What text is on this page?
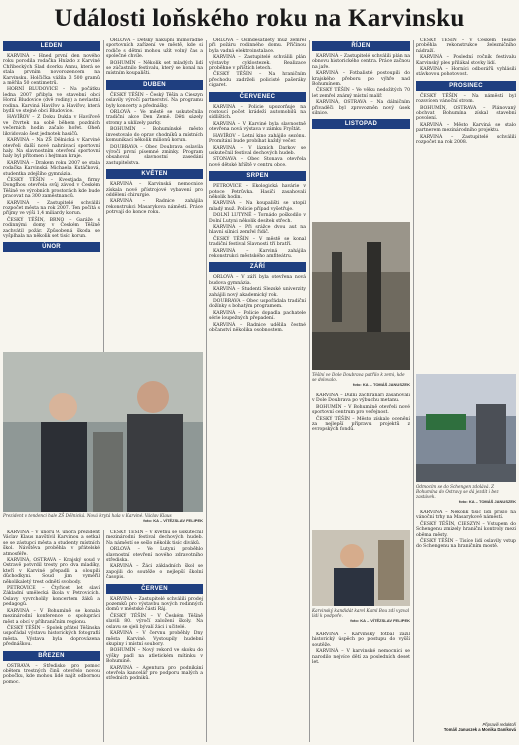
Události loňského roku na Karvinsku
LEDEN

KARVINÁ – Hned první den nového roku porodila rodačka Hnízdo z Karviné Chřibeckých Slad dcerku Annu, která se stala prvním novorozencem na Karvinsku. Holčička vážila 3 500 gramů a měřila 50 centimetrů.

HORNÍ BLUDOVICE – Na počátku ledna 2007 přibyla ve stavební obci Horní Bludovice (dvě rodiny) a nevlastní rodina. Karviná Havířov a Havířov, která bydlí ve stejné obci Bludovice.

HAVÍŘOV – Z Doku Dukla v Havířově ve čtvrtek na sobě během pozdních večerních hodin začalo hořet. Oheň likvidovalo šest jednotek hasičů.

KARVINÁ – Na ZŠ Dělnická v Karviné otevřeli další nové nahrávací sportovní haly. Na slavnostním otevření sportovní haly byl přítomen i hejtman kraje.

KARVINÁ – Drakem roku 2007 se stala rodačka Karvinská Michaela Kutáčková, studentka zdejšího gymnázia.

ČESKÝ TĚŠÍN – Kvestjada firmy Dongfhou otevřela svůj závod v Českém Těšíně ve výrobních prostorách kde bude pracovat na 300 zaměstnanců.

KARVINÁ – Zastupitelé schválili rozpočet města na rok 2007. Ten počítá s příjmy ve výši 1,4 miliardy korun.

ČESKÝ TĚŠÍN, BRNO – Garáže s rodinnými domy v Českém Těšíně zachvátil požár. Způsobená škoda se vyšplhala na několik set tisíc korun.

ÚNOR

ORLOVÁ – Dětský nákupní mimořádně sportovních zařízení ve městě, kde si rodiče s dětmi mohou užít volný čas a společné chvíle.

BOHUMÍN – Několik set mladých lidí se zúčastnilo festivalu, který se konal na místním koupališti.

DUBEN

ČESKÝ TĚŠÍN – Český Těšín a Cieszyn oslavily výročí partnerství. Na programu byly koncerty a přednášky.

ORLOVÁ – Ve městě se uskutečnila tradiční akce Den Země. Děti sázely stromy a uklízely parky.

BOHUMÍN – Bohumínské město investovalo do oprav chodníků a místních komunikací několik milionů korun.

DOUBRAVA – Obec Doubrava oslavila výročí první písemné zmínky. Program obsahoval slavnostní zasedání zastupitelstva.

KVĚTEN

KARVINÁ – Karvinská nemocnice získala nové přístrojové vybavení pro oddělení chirurgie.

KARVINÁ – Radnice zahájila rekonstrukci Masarykova náměstí. Práce potrvají do konce roku.

Prezident v tendenci hale ZŠ Dělnická. Nová krytá hala v Karviné. Václav Klaus
foto: KA – VÍTĚZSLAV FELIPEK

KARVINÁ – V únoru 9. února prezident Václav Klaus navštívil Karvinou a setkal se se zástupci města a studenty místních škol. Návštěva proběhla v přátelské atmosféře.

KARVINÁ, OSTRAVA – Krajský soud v Ostravě potvrdil tresty pro dva mladíky, kteří v Karviné přepadli a oloupili důchodkyni. Soud jim vyměřil několikaletý trest odnětí svobody.

PETROVICE – Čtyřicet let slaví Základní umělecká škola v Petrovicích. Oslavy vyvrcholily koncertem žáků a pedagogů.

KARVINÁ – V Bohumíně se konala mezinárodní konference o spolupráci měst a obcí v příhraničním regionu.

ČESKÝ TĚŠÍN – Spolek přátel Těšínska uspořádal výstavu historických fotografií města. Výstava byla doprovázena přednáškou.

BŘEZEN

OSTRAVA – Středisko pro pomoc obětem trestných činů otevřelo novou pobočku, kde mohou lidé najít odbornou pomoc.

ČESKÝ TĚŠÍN – V květnu se uskutečnil mezinárodní festival dechových hudeb. Na náměstí se sešlo několik tisíc diváků.

ORLOVÁ – Ve Lutyni proběhlo slavnostní otevření nového zdravotního střediska.

KARVINÁ – Žáci základních škol se zapojili do soutěže o nejlepší školní časopis.

ČERVEN

KARVINÁ – Zastupitelé schválili prodej pozemků pro výstavbu nových rodinných domů v městské části Ráj.

ČESKÝ TĚŠÍN – V Českém Těšíně slavili 80. výročí založení školy. Na oslavu se sjeli bývalí žáci i učitelé.

KARVINÁ – V červnu proběhly Dny města Karviné. Vystoupily hudební skupiny i místní soubory.

BOHUMÍN – Nový rekord ve skoku do výšky padl na atletickém mítinku v Bohumíně.

KARVINÁ – Agentura pro podnikání otevřela kancelář pro podporu malých a středních podniků.

ORLOVÁ – Osmdesátiletý muž zemřel při požáru rodinného domu. Příčinou byla vadná elektroinstalace.

KARVINÁ – Zastupitelé schválili plán výstavby cyklostezek. Realizace proběhne v příštích letech.

ČESKÝ TĚŠÍN – Na hraničním přechodu zadrželi policisté pašeráky cigaret.

ČERVENEC

KARVINÁ – Policie upozorňuje na rostoucí počet krádeží automobilů na sídlištích.

KARVINÁ – V Karviné byla slavnostně otevřena nová výstava v zámku Fryštát.

HAVÍŘOV – Letní kino zahájilo sezónu. Promítání bude probíhat každý večer.

KARVINÁ – V lázních Darkov se uskutečnil festival dechových hudeb.

STONAVA – Obec Stonava otevřela nové dětské hřiště v centru obce.

SRPEN

PETROVICE – Ekologická havárie v potoce Petrůvka. Hasiči zasahovali několik hodin.

KARVINÁ – Na koupališti se utopil mladý muž. Policie případ vyšetřuje.

DOLNÍ LUTYNĚ – Tornádo poškodilo v Dolní Lutyni několik desítek střech.

KARVINÁ – Při srážce dvou aut na hlavní silnici zemřel řidič.

ČESKÝ TĚŠÍN – V městě se konal tradiční festival Slavnosti tří bratří.

KARVINÁ – Karviná zahájila rekonstrukci městského amfiteátru.

ZÁŘÍ

ORLOVÁ – V září byla otevřena nová budova gymnázia.

KARVINÁ – Studenti Slezské univerzity zahájili nový akademický rok.

DOUBRAVA – Obec uspořádala tradiční dožínky s bohatým programem.

KARVINÁ – Policie dopadla pachatele série loupežných přepadení.

KARVINÁ – Radnice udělila čestné občanství několika osobnostem.

ŘÍJEN

KARVINÁ – Zastupitelé schválili plán na obnovu historického centra. Práce začnou na jaře.

KARVINÁ – Fotbalisté postoupili do krajského přeboru po výhře nad Bohumínem.

ČESKÝ TĚŠÍN – Ve věku nedožitých 70 let zemřel známý místní malíř.

KARVINÁ, OSTRAVA – Na dálničním přivaděči byl zprovozněn nový úsek silnice.

LISTOPAD
Těšíní ve Dole Doubrava patřilo k zemi, kde se dolovalo.
foto: KA – TOMÁŠ JANUSZEK

KARVINÁ – Důlní záchranáři zasahovali v Dole Doubrava po výbuchu metanu.

BOHUMÍN – V Bohumíně otevřeli nové sportovní centrum pro veřejnost.

ČESKÝ TĚŠÍN – Město získalo ocenění za nejlepší přípravu projektů z evropských fondů.

Karvinský kandidát karel Kaml Bou zdí vyzval lidi k podpoře.
foto: KA – VÍTĚZSLAV FELIPEK

KARVINÁ – Karvinský fotbal zažil historický úspěch po postupu do vyšší soutěže.

KARVINÁ – V karvinské nemocnici se narodilo nejvíce dětí za posledních deset let.

ČESKÝ TĚŠÍN – V Českém Těšíně proběhla rekonstrukce železničního nádraží.

KARVINÁ – Poslední ročník festivalu Karvinský ples přilákal stovky lidí.

KARVINÁ – Horníci odborářů vyhlásili stávkovou pohotovost.

PROSINEC

ČESKÝ TĚŠÍN – Na náměstí byl rozsvícen vánoční strom.

BOHUMÍN, OSTRAVA – Plánovaný obchvat Bohumína získal stavební povolení.

KARVINÁ – Město Karviná se stalo partnerem mezinárodního projektu.

KARVINÁ – Zastupitelé schválili rozpočet na rok 2008.

Odmocím se do Schengen zdolává. Z Bohumína do Ostravy se dá jezdit i bez zastávek.
foto: KA – TOMÁŠ JANUSZEK

KARVINÁ – Několik tisíc lidí přišlo na vánoční trhy na Masarykově náměstí.

ČESKÝ TĚŠÍN, CIESZYN – Vstupem do Schengenu zmizely hraniční kontroly mezi oběma městy.

ČESKÝ TĚŠÍN – Tisíce lidí oslavily vstup do Schengenu na hraničním mostě.

Připravili redaktoři
Tomáš Januszek a Monika Daníková
